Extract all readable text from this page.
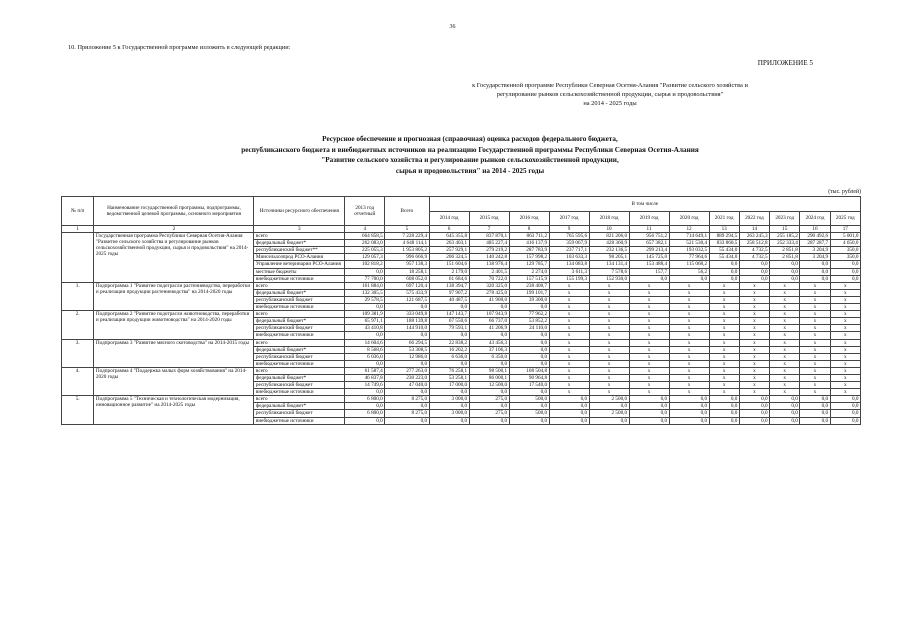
36
10. Приложение 5 к Государственной программе изложить в следующей редакции:
ПРИЛОЖЕНИЕ 5
к Государственной программе Республики Северная Осетия-Алания "Развитие сельского хозяйства и
регулирование рынков сельскохозяйственной продукции, сырья и продовольствия"
на 2014 - 2025 годы
Ресурсное обеспечение и прогнозная (справочная) оценка расходов федерального бюджета,
республиканского бюджета и внебюджетных источников на реализацию Государственной программы Республики Северная Осетия-Алания
"Развитие сельского хозяйства и регулирование рынков сельскохозяйственной продукции,
сырья и продовольствия" на 2014 - 2025 годы
(тыс. рублей)
№ п/п	Наименование государственной программы, подпрограммы, ведомственной целевой программы, основного мероприятия	Источники ресурсного обеспечения	2013 год отчетный	Всего	В том числе											
					2014 год	2015 год	2016 год	2017 год	2018 год	2019 год	2020 год	2021 год	2022 год	2023 год	2024 год	2025 год
1	2	3	4	5	6	7	8	9	10	11	12	13	14	15	16	17
	Государственная программа Республики Северная Осетия-Алания "Развитие сельского хозяйства и регулирование рынков сельскохозяйственной продукции, сырья и продовольствия" на 2014-2025 годы	всего	664 858,5	7 228 229,4	645 355,8	837 870,1	863 711,2	765 595,6	821 206,0	956 751,2	714 649,1	889 294,5	263 245,3	255 185,2	290 492,6	5 001,0
		федеральный бюджет*	262 083,0	4 648 114,1	263 403,1	485 227,4	416 137,9	359 067,9	428 360,9	657 382,1	521 530,4	833 860,5	258 512,8	252 333,4	287 287,7	4 650,0
		республиканский бюджет**	225 055,3	1 953 805,2	257 929,1	279 219,2	287 783,9	237 717,1	232 136,5	299 213,4	193 032,5	55 434,0	4 732,5	2 851,8	3 204,9	350,0
		Минсельхозпрод РСО-Алания	129 057,3	996 666,9	206 324,5	140 242,8	157 998,2	103 633,3	98 205,1	145 725,0	77 964,6	55 434,0	4 732,5	2 851,8	3 204,9	350,0
		Управление ветеринарии РСО-Алания	102 818,2	957 138,3	151 604,6	138 976,4	129 785,7	134 083,8	134 131,4	153 488,4	115 068,2	0,0	0,0	0,0	0,0	0,0
		местные бюджеты	0,0	18 258,1	2 179,0	2 401,5	2 274,0	3 611,3	7 578,6	157,7	56,2	0,0	0,0	0,0	0,0	0,0
		внебюджетные источники	77 700,0	608 052,0	61 684,6	70 722,0	157 515,9	155 199,3	152 930,0	0,0	0,0	0,0	0,0	0,0	0,0	0,0
1.	Подпрограмма 1 "Развитие подотрасли растениеводства, переработки и реализации продукции растениеводства" на 2014-2020 годы	всего	161 884,0	697 120,4	138 394,7	320 325,0	238 400,7	x	x	x	x	x	x	x	x	x
		федеральный бюджет*	132 305,5	575 433,9	97 907,2	278 425,0	199 101,7	x	x	x	x	x	x	x	x	x
		республиканский бюджет	29 578,5	121 687,5	40 487,5	41 900,0	39 300,0	x	x	x	x	x	x	x	x	x
		внебюджетные источники	0,0	0,0	0,0	0,0	0,0	x	x	x	x	x	x	x	x	x
2.	Подпрограмма 2 "Развитие подотрасли животноводства, переработки и реализации продукции животноводства" на 2014-2020 годы	всего	109 381,9	333 049,8	147 143,7	107 943,9	77 962,2	x	x	x	x	x	x	x	x	x
		федеральный бюджет*	65 971,1	188 139,8	67 550,6	66 737,0	53 852,2	x	x	x	x	x	x	x	x	x
		республиканский бюджет	43 410,8	144 910,0	79 593,1	41 206,9	24 110,0	x	x	x	x	x	x	x	x	x
		внебюджетные источники	0,0	0,0	0,0	0,0	0,0	x	x	x	x	x	x	x	x	x
3.	Подпрограмма 3 "Развитие мясного скотоводства" на 2014-2015 годы	всего	14 604,6	66 294,5	22 838,2	43 456,3	0,0	x	x	x	x	x	x	x	x	x
		федеральный бюджет*	8 568,6	53 308,5	16 202,2	37 106,3	0,0	x	x	x	x	x	x	x	x	x
		республиканский бюджет	6 036,0	12 986,0	6 636,0	6 350,0	0,0	x	x	x	x	x	x	x	x	x
		внебюджетные источники	0,0	0,0	0,0	0,0	0,0	x	x	x	x	x	x	x	x	x
4.	Подпрограмма 4 "Поддержка малых форм хозяйствования" на 2014-2020 годы	всего	61 587,4	277 263,0	76 258,1	98 500,1	108 504,8	x	x	x	x	x	x	x	x	x
		федеральный бюджет*	46 837,8	230 223,0	53 258,1	86 000,1	90 964,8	x	x	x	x	x	x	x	x	x
		республиканский бюджет	14 749,6	47 040,0	17 000,0	12 500,0	17 540,0	x	x	x	x	x	x	x	x	x
		внебюджетные источники	0,0	0,0	0,0	0,0	0,0	x	x	x	x	x	x	x	x	x
5.	Подпрограмма 5 "Техническая и технологическая модернизация, инновационное развитие" на 2014-2025 годы	всего	6 800,0	8 275,0	3 000,0	275,0	500,0	0,0	2 500,0	0,0	0,0	0,0	0,0	0,0	0,0	0,0
		федеральный бюджет*	0,0	0,0	0,0	0,0	0,0	0,0	0,0	0,0	0,0	0,0	0,0	0,0	0,0	0,0
		республиканский бюджет	6 800,0	8 275,0	3 000,0	275,0	500,0	0,0	2 500,0	0,0	0,0	0,0	0,0	0,0	0,0	0,0
		внебюджетные источники	0,0	0,0	0,0	0,0	0,0	0,0	0,0	0,0	0,0	0,0	0,0	0,0	0,0	0,0
